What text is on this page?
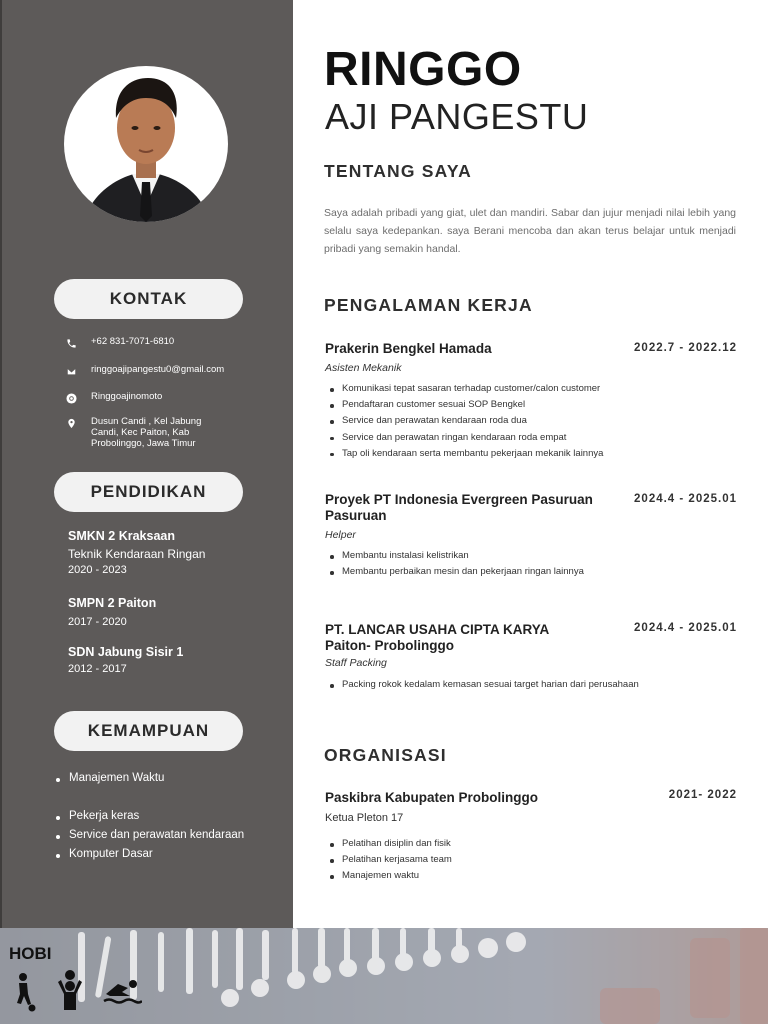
KONTAK
+62 831-7071-6810
ringgoajipangestu0@gmail.com
Ringgoajinomoto
Dusun Candi , Kel Jabung
Candi, Kec Paiton, Kab
Probolinggo, Jawa Timur
PENDIDIKAN
SMKN 2 Kraksaan
Teknik Kendaraan Ringan
2020 - 2023
SMPN 2 Paiton
2017 - 2020
SDN Jabung Sisir 1
2012 - 2017
KEMAMPUAN
Manajemen Waktu
Pekerja keras
Service dan perawatan kendaraan
Komputer Dasar
RINGGO
AJI PANGESTU
TENTANG SAYA
Saya adalah pribadi yang giat, ulet dan mandiri. Sabar dan jujur menjadi nilai lebih yang selalu saya kedepankan. saya Berani mencoba dan akan terus belajar untuk menjadi pribadi yang semakin handal.
PENGALAMAN KERJA
Prakerin Bengkel Hamada	2022.7 - 2022.12
Asisten Mekanik
Komunikasi tepat sasaran terhadap customer/calon customer
Pendaftaran customer sesuai SOP Bengkel
Service dan perawatan kendaraan roda dua
Service dan perawatan ringan kendaraan roda empat
Tap oli kendaraan serta membantu pekerjaan mekanik lainnya
Proyek PT Indonesia Evergreen Pasuruan
Pasuruan
2024.4 - 2025.01
Helper
Membantu instalasi kelistrikan
Membantu perbaikan mesin dan pekerjaan ringan lainnya
PT. LANCAR USAHA CIPTA KARYA
Paiton- Probolinggo
2024.4 - 2025.01
Staff Packing
Packing rokok kedalam kemasan sesuai target harian dari perusahaan
ORGANISASI
Paskibra Kabupaten Probolinggo	2021- 2022
Ketua Pleton 17
Pelatihan disiplin dan fisik
Pelatihan kerjasama team
Manajemen waktu
HOBI
